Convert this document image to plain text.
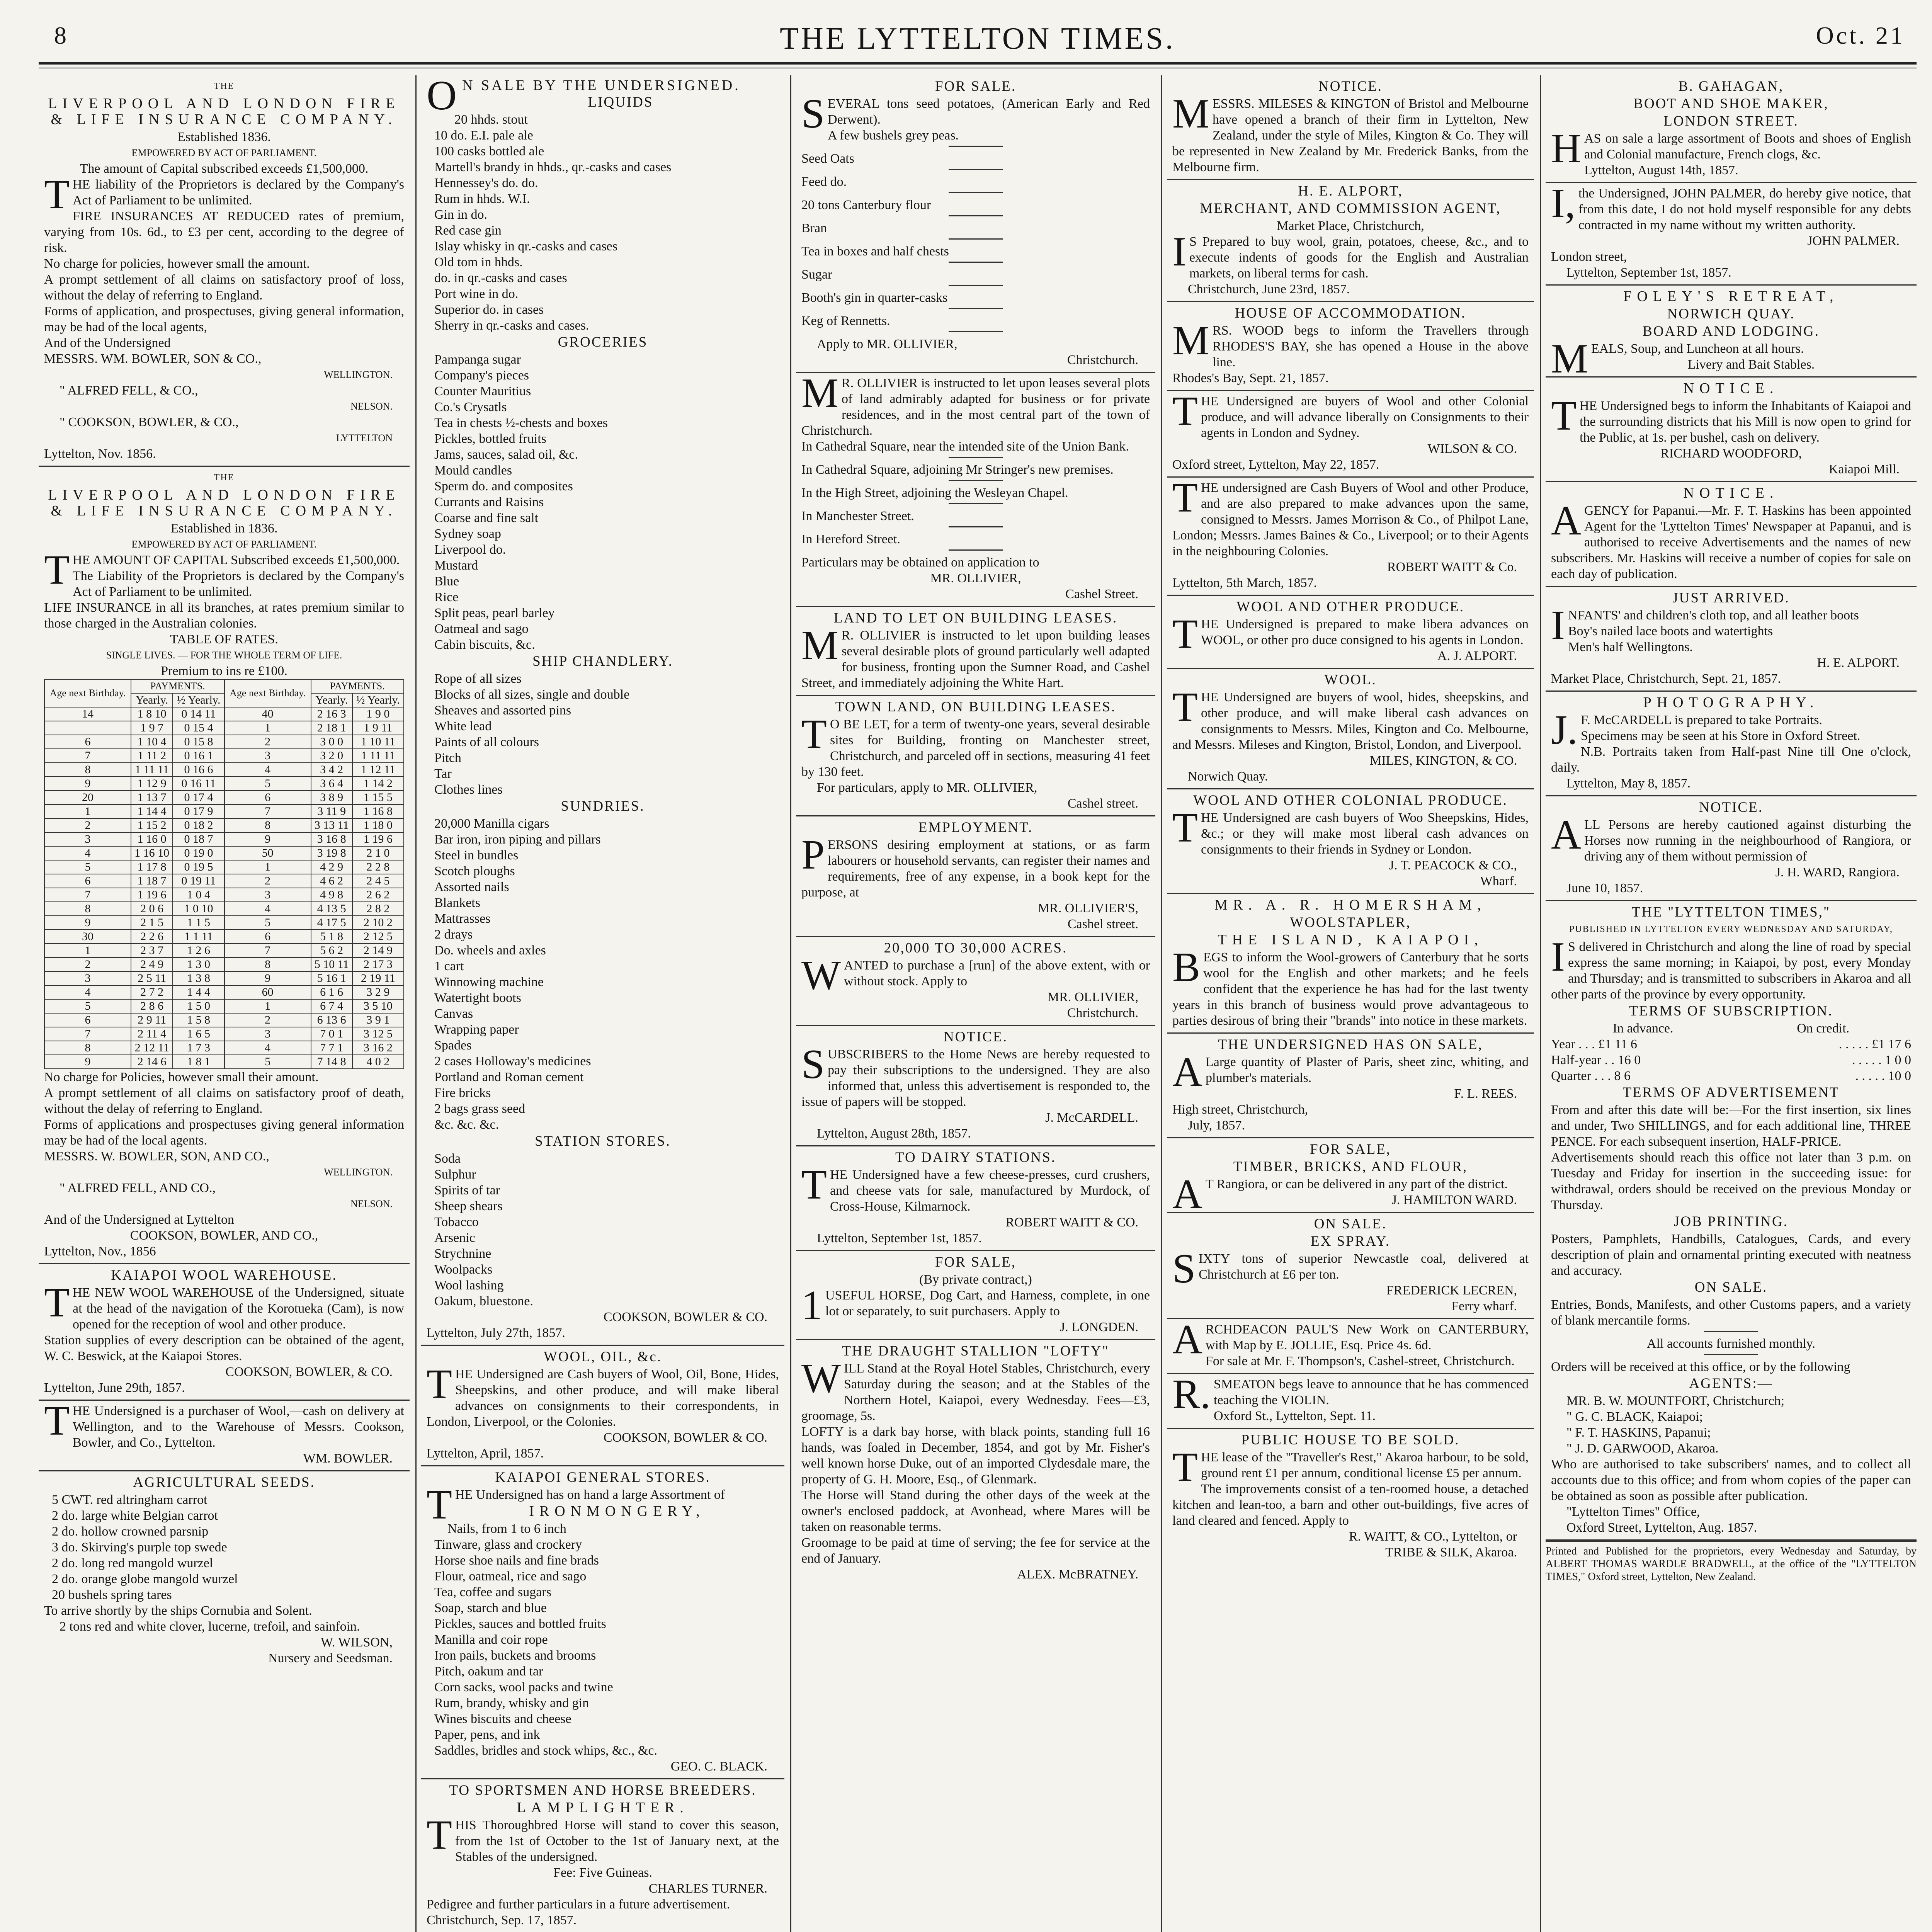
8	THE LYTTELTON TIMES.	Oct. 21
THE
LIVERPOOL AND LONDON FIRE & LIFE INSURANCE COMPANY.
Established 1836.
EMPOWERED BY ACT OF PARLIAMENT.
The amount of Capital subscribed exceeds £1,500,000.

THE liability of the Proprietors is declared by the Company's Act of Parliament to be unlimited.

FIRE INSURANCES AT REDUCED rates of premium, varying from 10s. 6d., to £3 per cent, according to the degree of risk.

No charge for policies, however small the amount.

A prompt settlement of all claims on satisfactory proof of loss, without the delay of referring to England.

Forms of application, and prospectuses, giving general information, may be had of the local agents,

And of the Undersigned

MESSRS. WM. BOWLER, SON & CO.,
WELLINGTON.
" ALFRED FELL, & CO.,
NELSON.
" COOKSON, BOWLER, & CO.,
LYTTELTON
Lyttelton, Nov. 1856.
THE
LIVERPOOL AND LONDON FIRE & LIFE INSURANCE COMPANY.
Established in 1836.
EMPOWERED BY ACT OF PARLIAMENT.

THE AMOUNT OF CAPITAL Subscribed exceeds £1,500,000.

The Liability of the Proprietors is declared by the Company's Act of Parliament to be unlimited.

LIFE INSURANCE in all its branches, at rates premium similar to those charged in the Australian colonies.

TABLE OF RATES.
SINGLE LIVES. — FOR THE WHOLE TERM OF LIFE.
Premium to ins re £100.
Age next Birthday.	PAYMENTS.		Age next Birthday.	PAYMENTS.	
	Yearly.	½ Yearly.		Yearly.	½ Yearly.
14	1 8 10	0 14 11	40	2 16 3	1 9 0
	1 9 7	0 15 4	1	2 18 1	1 9 11
6	1 10 4	0 15 8	2	3 0 0	1 10 11
7	1 11 2	0 16 1	3	3 2 0	1 11 11
8	1 11 11	0 16 6	4	3 4 2	1 12 11
9	1 12 9	0 16 11	5	3 6 4	1 14 2
20	1 13 7	0 17 4	6	3 8 9	1 15 5
1	1 14 4	0 17 9	7	3 11 9	1 16 8
2	1 15 2	0 18 2	8	3 13 11	1 18 0
3	1 16 0	0 18 7	9	3 16 8	1 19 6
4	1 16 10	0 19 0	50	3 19 8	2 1 0
5	1 17 8	0 19 5	1	4 2 9	2 2 8
6	1 18 7	0 19 11	2	4 6 2	2 4 5
7	1 19 6	1 0 4	3	4 9 8	2 6 2
8	2 0 6	1 0 10	4	4 13 5	2 8 2
9	2 1 5	1 1 5	5	4 17 5	2 10 2
30	2 2 6	1 1 11	6	5 1 8	2 12 5
1	2 3 7	1 2 6	7	5 6 2	2 14 9
2	2 4 9	1 3 0	8	5 10 11	2 17 3
3	2 5 11	1 3 8	9	5 16 1	2 19 11
4	2 7 2	1 4 4	60	6 1 6	3 2 9
5	2 8 6	1 5 0	1	6 7 4	3 5 10
6	2 9 11	1 5 8	2	6 13 6	3 9 1
7	2 11 4	1 6 5	3	7 0 1	3 12 5
8	2 12 11	1 7 3	4	7 7 1	3 16 2
9	2 14 6	1 8 1	5	7 14 8	4 0 2

No charge for Policies, however small their amount.

A prompt settlement of all claims on satisfactory proof of death, without the delay of referring to England.

Forms of applications and prospectuses giving general information may be had of the local agents.

MESSRS. W. BOWLER, SON, AND CO.,
WELLINGTON.
" ALFRED FELL, AND CO.,
NELSON.
And of the Undersigned at Lyttelton
COOKSON, BOWLER, AND CO.,
Lyttelton, Nov., 1856
KAIAPOI WOOL WAREHOUSE.

THE NEW WOOL WAREHOUSE of the Undersigned, situate at the head of the navigation of the Korotueka (Cam), is now opened for the reception of wool and other produce.

Station supplies of every description can be obtained of the agent, W. C. Beswick, at the Kaiapoi Stores.

COOKSON, BOWLER, & CO.
Lyttelton, June 29th, 1857.

THE Undersigned is a purchaser of Wool,—cash on delivery at Wellington, and to the Warehouse of Messrs. Cookson, Bowler, and Co., Lyttelton.

WM. BOWLER.
AGRICULTURAL SEEDS.
5 CWT. red altringham carrot
2 do. large white Belgian carrot
2 do. hollow crowned parsnip
3 do. Skirving's purple top swede
2 do. long red mangold wurzel
2 do. orange globe mangold wurzel
20 bushels spring tares

To arrive shortly by the ships Cornubia and Solent.

2 tons red and white clover, lucerne, trefoil, and sainfoin.

W. WILSON,
Nursery and Seedsman.

ON SALE BY THE UNDERSIGNED.

LIQUIDS
20 hhds. stout
10 do. E.I. pale ale
100 casks bottled ale
Martell's brandy in hhds., qr.-casks and cases
Hennessey's do. do.
Rum in hhds. W.I.
Gin in do.
Red case gin
Islay whisky in qr.-casks and cases
Old tom in hhds.
do. in qr.-casks and cases
Port wine in do.
Superior do. in cases
Sherry in qr.-casks and cases.
GROCERIES
Pampanga sugar
Company's pieces
Counter Mauritius
Co.'s Crysatls
Tea in chests ½-chests and boxes
Pickles, bottled fruits
Jams, sauces, salad oil, &c.
Mould candles
Sperm do. and composites
Currants and Raisins
Coarse and fine salt
Sydney soap
Liverpool do.
Mustard
Blue
Rice
Split peas, pearl barley
Oatmeal and sago
Cabin biscuits, &c.
SHIP CHANDLERY.
Rope of all sizes
Blocks of all sizes, single and double
Sheaves and assorted pins
White lead
Paints of all colours
Pitch
Tar
Clothes lines
SUNDRIES.
20,000 Manilla cigars
Bar iron, iron piping and pillars
Steel in bundles
Scotch ploughs
Assorted nails
Blankets
Mattrasses
2 drays
Do. wheels and axles
1 cart
Winnowing machine
Watertight boots
Canvas
Wrapping paper
Spades
2 cases Holloway's medicines
Portland and Roman cement
Fire bricks
2 bags grass seed
&c. &c. &c.
STATION STORES.
Soda
Sulphur
Spirits of tar
Sheep shears
Tobacco
Arsenic
Strychnine
Woolpacks
Wool lashing
Oakum, bluestone.
COOKSON, BOWLER & CO.
Lyttelton, July 27th, 1857.
WOOL, OIL, &c.

THE Undersigned are Cash buyers of Wool, Oil, Bone, Hides, Sheepskins, and other produce, and will make liberal advances on consignments to their correspondents, in London, Liverpool, or the Colonies.

COOKSON, BOWLER & CO.
Lyttelton, April, 1857.
KAIAPOI GENERAL STORES.

THE Undersigned has on hand a large Assortment of

IRONMONGERY,
Nails, from 1 to 6 inch
Tinware, glass and crockery
Horse shoe nails and fine brads
Flour, oatmeal, rice and sago
Tea, coffee and sugars
Soap, starch and blue
Pickles, sauces and bottled fruits
Manilla and coir rope
Iron pails, buckets and brooms
Pitch, oakum and tar
Corn sacks, wool packs and twine
Rum, brandy, whisky and gin
Wines biscuits and cheese
Paper, pens, and ink
Saddles, bridles and stock whips, &c., &c.
GEO. C. BLACK.
TO SPORTSMEN AND HORSE BREEDERS.
LAMPLIGHTER.

THIS Thoroughbred Horse will stand to cover this season, from the 1st of October to the 1st of January next, at the Stables of the undersigned.

Fee: Five Guineas.
CHARLES TURNER.

Pedigree and further particulars in a future advertisement.

Christchurch, Sep. 17, 1857.
FOR SALE.

SEVERAL tons seed potatoes, (American Early and Red Derwent).

A few bushels grey peas.
Seed Oats
Feed do.
20 tons Canterbury flour
Bran
Tea in boxes and half chests
Sugar
Booth's gin in quarter-casks
Keg of Rennetts.
Apply to MR. OLLIVIER,
Christchurch.

MR. OLLIVIER is instructed to let upon leases several plots of land admirably adapted for business or for private residences, and in the most central part of the town of Christchurch.

In Cathedral Square, near the intended site of the Union Bank.
In Cathedral Square, adjoining Mr Stringer's new premises.
In the High Street, adjoining the Wesleyan Chapel.
In Manchester Street.
In Hereford Street.

Particulars may be obtained on application to

MR. OLLIVIER,
Cashel Street.
LAND TO LET ON BUILDING LEASES.

MR. OLLIVIER is instructed to let upon building leases several desirable plots of ground particularly well adapted for business, fronting upon the Sumner Road, and Cashel Street, and immediately adjoining the White Hart.

TOWN LAND, ON BUILDING LEASES.

TO BE LET, for a term of twenty-one years, several desirable sites for Building, fronting on Manchester street, Christchurch, and parceled off in sections, measuring 41 feet by 130 feet.

For particulars, apply to MR. OLLIVIER,
Cashel street.
EMPLOYMENT.

PERSONS desiring employment at stations, or as farm labourers or household servants, can register their names and requirements, free of any expense, in a book kept for the purpose, at

MR. OLLIVIER'S,
Cashel street.
20,000 TO 30,000 ACRES.

WANTED to purchase a [run] of the above extent, with or without stock. Apply to

MR. OLLIVIER,
Christchurch.
NOTICE.

SUBSCRIBERS to the Home News are hereby requested to pay their subscriptions to the undersigned. They are also informed that, unless this advertisement is responded to, the issue of papers will be stopped.

J. McCARDELL.
Lyttelton, August 28th, 1857.
TO DAIRY STATIONS.

THE Undersigned have a few cheese-presses, curd crushers, and cheese vats for sale, manufactured by Murdock, of Cross-House, Kilmarnock.

ROBERT WAITT & CO.
Lyttelton, September 1st, 1857.
FOR SALE,
(By private contract,)

1USEFUL HORSE, Dog Cart, and Harness, complete, in one lot or separately, to suit purchasers. Apply to

J. LONGDEN.
THE DRAUGHT STALLION "LOFTY"

WILL Stand at the Royal Hotel Stables, Christchurch, every Saturday during the season; and at the Stables of the Northern Hotel, Kaiapoi, every Wednesday. Fees—£3, groomage, 5s.

LOFTY is a dark bay horse, with black points, standing full 16 hands, was foaled in December, 1854, and got by Mr. Fisher's well known horse Duke, out of an imported Clydesdale mare, the property of G. H. Moore, Esq., of Glenmark.

The Horse will Stand during the other days of the week at the owner's enclosed paddock, at Avonhead, where Mares will be taken on reasonable terms.

Groomage to be paid at time of serving; the fee for service at the end of January.

ALEX. McBRATNEY.
NOTICE.

MESSRS. MILESES & KINGTON of Bristol and Melbourne have opened a branch of their firm in Lyttelton, New Zealand, under the style of Miles, Kington & Co. They will be represented in New Zealand by Mr. Frederick Banks, from the Melbourne firm.

H. E. ALPORT,
MERCHANT, AND COMMISSION AGENT,
Market Place, Christchurch,

IS Prepared to buy wool, grain, potatoes, cheese, &c., and to execute indents of goods for the English and Australian markets, on liberal terms for cash.

Christchurch, June 23rd, 1857.
HOUSE OF ACCOMMODATION.

MRS. WOOD begs to inform the Travellers through RHODES'S BAY, she has opened a House in the above line.

Rhodes's Bay, Sept. 21, 1857.

THE Undersigned are buyers of Wool and other Colonial produce, and will advance liberally on Consignments to their agents in London and Sydney.

WILSON & CO.
Oxford street, Lyttelton, May 22, 1857.

THE undersigned are Cash Buyers of Wool and other Produce, and are also prepared to make advances upon the same, consigned to Messrs. James Morrison & Co., of Philpot Lane, London; Messrs. James Baines & Co., Liverpool; or to their Agents in the neighbouring Colonies.

ROBERT WAITT & Co.
Lyttelton, 5th March, 1857.
WOOL AND OTHER PRODUCE.

THE Undersigned is prepared to make libera advances on WOOL, or other pro duce consigned to his agents in London.

A. J. ALPORT.
WOOL.

THE Undersigned are buyers of wool, hides, sheepskins, and other produce, and will make liberal cash advances on consignments to Messrs. Miles, Kington and Co. Melbourne, and Messrs. Mileses and Kington, Bristol, London, and Liverpool.

MILES, KINGTON, & CO.
Norwich Quay.
WOOL AND OTHER COLONIAL PRODUCE.

THE Undersigned are cash buyers of Woo Sheepskins, Hides, &c.; or they will make most liberal cash advances on consignments to their friends in Sydney or London.

J. T. PEACOCK & CO.,
Wharf.
MR. A. R. HOMERSHAM,
WOOLSTAPLER,
THE ISLAND, KAIAPOI,

BEGS to inform the Wool-growers of Canterbury that he sorts wool for the English and other markets; and he feels confident that the experience he has had for the last twenty years in this branch of business would prove advantageous to parties desirous of bring their "brands" into notice in these markets.

THE UNDERSIGNED HAS ON SALE,

ALarge quantity of Plaster of Paris, sheet zinc, whiting, and plumber's materials.

F. L. REES.
High street, Christchurch,
July, 1857.
FOR SALE,
TIMBER, BRICKS, AND FLOUR,

AT Rangiora, or can be delivered in any part of the district.

J. HAMILTON WARD.
ON SALE.
EX SPRAY.

SIXTY tons of superior Newcastle coal, delivered at Christchurch at £6 per ton.

FREDERICK LECREN,
Ferry wharf.

ARCHDEACON PAUL'S New Work on CANTERBURY, with Map by E. JOLLIE, Esq. Price 4s. 6d.

For sale at Mr. F. Thompson's, Cashel-street, Christchurch.

R.SMEATON begs leave to announce that he has commenced teaching the VIOLIN.

Oxford St., Lyttelton, Sept. 11.
PUBLIC HOUSE TO BE SOLD.

THE lease of the "Traveller's Rest," Akaroa harbour, to be sold, ground rent £1 per annum, conditional license £5 per annum.

The improvements consist of a ten-roomed house, a detached kitchen and lean-too, a barn and other out-buildings, five acres of land cleared and fenced. Apply to

R. WAITT, & CO., Lyttelton, or
TRIBE & SILK, Akaroa.
B. GAHAGAN,
BOOT AND SHOE MAKER,
LONDON STREET.

HAS on sale a large assortment of Boots and shoes of English and Colonial manufacture, French clogs, &c.

Lyttelton, August 14th, 1857.

I,the Undersigned, JOHN PALMER, do hereby give notice, that from this date, I do not hold myself responsible for any debts contracted in my name without my written authority.

JOHN PALMER.
London street,
Lyttelton, September 1st, 1857.
FOLEY'S RETREAT,
NORWICH QUAY.
BOARD AND LODGING.

MEALS, Soup, and Luncheon at all hours.

Livery and Bait Stables.
NOTICE.

THE Undersigned begs to inform the Inhabitants of Kaiapoi and the surrounding districts that his Mill is now open to grind for the Public, at 1s. per bushel, cash on delivery.

RICHARD WOODFORD,
Kaiapoi Mill.
NOTICE.

AGENCY for Papanui.—Mr. F. T. Haskins has been appointed Agent for the 'Lyttelton Times' Newspaper at Papanui, and is authorised to receive Advertisements and the names of new subscribers. Mr. Haskins will receive a number of copies for sale on each day of publication.

JUST ARRIVED.

INFANTS' and children's cloth top, and all leather boots

Boy's nailed lace boots and watertights
Men's half Wellingtons.
H. E. ALPORT.
Market Place, Christchurch, Sept. 21, 1857.
PHOTOGRAPHY.

J.F. McCARDELL is prepared to take Portraits.

Specimens may be seen at his Store in Oxford Street.

N.B. Portraits taken from Half-past Nine till One o'clock, daily.

Lyttelton, May 8, 1857.
NOTICE.

ALL Persons are hereby cautioned against disturbing the Horses now running in the neighbourhood of Rangiora, or driving any of them without permission of

J. H. WARD, Rangiora.
June 10, 1857.
THE "LYTTELTON TIMES,"
PUBLISHED IN LYTTELTON EVERY WEDNESDAY AND SATURDAY,

IS delivered in Christchurch and along the line of road by special express the same morning; in Kaiapoi, by post, every Monday and Thursday; and is transmitted to subscribers in Akaroa and all other parts of the province by every opportunity.

TERMS OF SUBSCRIPTION.
In advance.	On credit.
Year . . . £1 11 6	. . . . . £1 17 6
Half-year . . 16 0	. . . . . 1 0 0
Quarter . . . 8 6	. . . . . 10 0
TERMS OF ADVERTISEMENT

From and after this date will be:—For the first insertion, six lines and under, Two SHILLINGS, and for each additional line, THREE PENCE. For each subsequent insertion, HALF-PRICE.

Advertisements should reach this office not later than 3 p.m. on Tuesday and Friday for insertion in the succeeding issue: for withdrawal, orders should be received on the previous Monday or Thursday.

JOB PRINTING.

Posters, Pamphlets, Handbills, Catalogues, Cards, and every description of plain and ornamental printing executed with neatness and accuracy.

ON SALE.

Entries, Bonds, Manifests, and other Customs papers, and a variety of blank mercantile forms.

All accounts furnished monthly.

Orders will be received at this office, or by the following

AGENTS:—
MR. B. W. MOUNTFORT, Christchurch;
" G. C. BLACK, Kaiapoi;
" F. T. HASKINS, Papanui;
" J. D. GARWOOD, Akaroa.

Who are authorised to take subscribers' names, and to collect all accounts due to this office; and from whom copies of the paper can be obtained as soon as possible after publication.

"Lyttelton Times" Office,
Oxford Street, Lyttelton, Aug. 1857.
Printed and Published for the proprietors, every Wednesday and Saturday, by ALBERT THOMAS WARDLE BRADWELL, at the office of the "LYTTELTON TIMES," Oxford street, Lyttelton, New Zealand.
